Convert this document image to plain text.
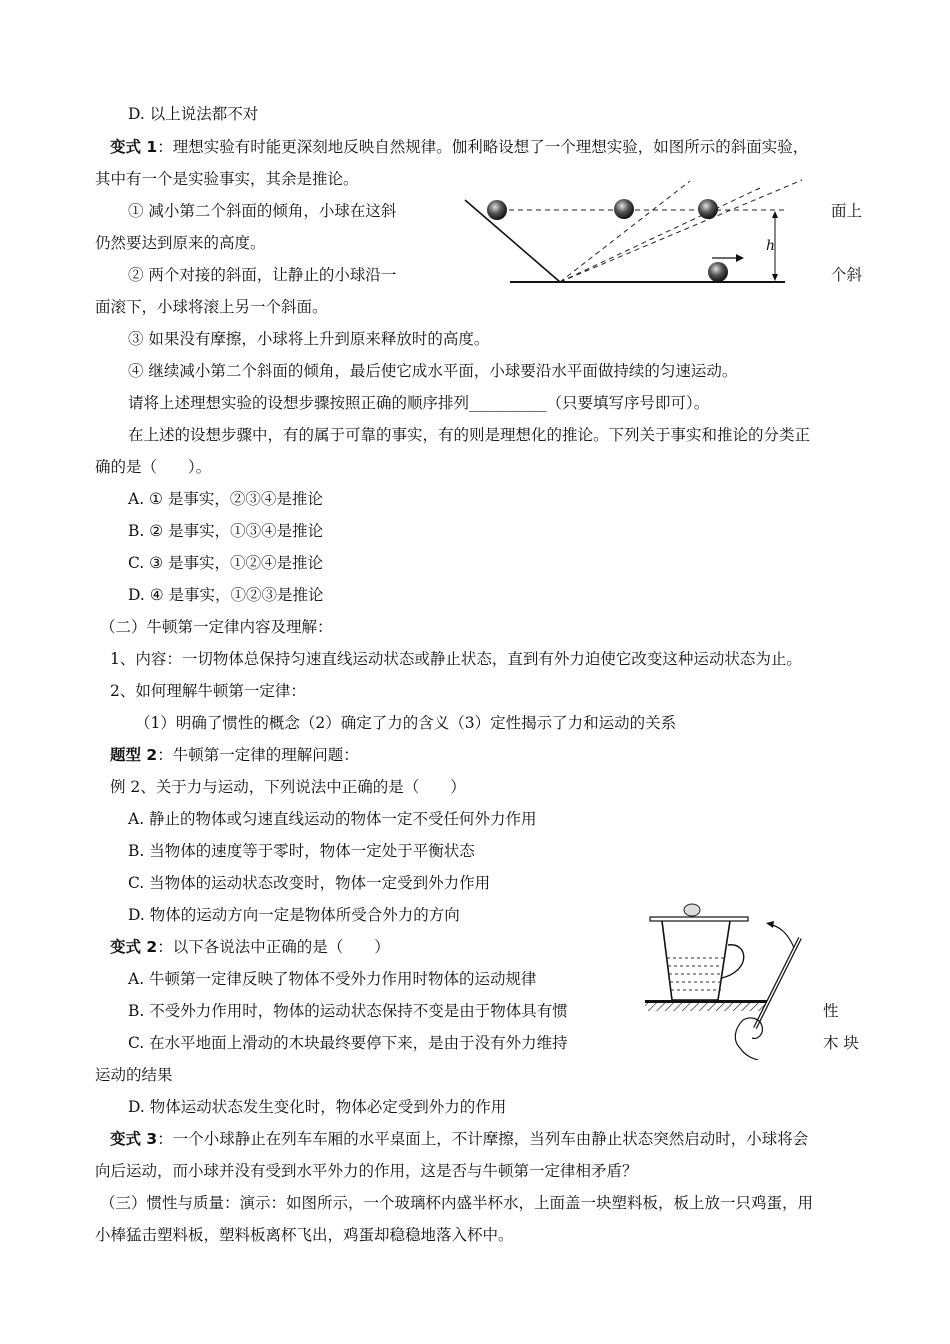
D. 以上说法都不对
变式 1：理想实验有时能更深刻地反映自然规律。伽利略设想了一个理想实验，如图所示的斜面实验，
其中有一个是实验事实，其余是推论。
① 减小第二个斜面的倾角，小球在这斜	面上
仍然要达到原来的高度。
② 两个对接的斜面，让静止的小球沿一	个斜
面滚下，小球将滚上另一个斜面。
③ 如果没有摩擦，小球将上升到原来释放时的高度。
④ 继续减小第二个斜面的倾角，最后使它成水平面，小球要沿水平面做持续的匀速运动。
请将上述理想实验的设想步骤按照正确的顺序排列__________（只要填写序号即可）。
在上述的设想步骤中，有的属于可靠的事实，有的则是理想化的推论。下列关于事实和推论的分类正
确的是（　　）。
A. ① 是事实，②③④是推论
B. ② 是事实，①③④是推论
C. ③ 是事实，①②④是推论
D. ④ 是事实，①②③是推论
（二）牛顿第一定律内容及理解：
1、内容：一切物体总保持匀速直线运动状态或静止状态，直到有外力迫使它改变这种运动状态为止。
2、如何理解牛顿第一定律：
（1）明确了惯性的概念（2）确定了力的含义（3）定性揭示了力和运动的关系
题型 2：牛顿第一定律的理解问题：
例 2、关于力与运动，下列说法中正确的是（　　）
A. 静止的物体或匀速直线运动的物体一定不受任何外力作用
B. 当物体的速度等于零时，物体一定处于平衡状态
C. 当物体的运动状态改变时，物体一定受到外力作用
D. 物体的运动方向一定是物体所受合外力的方向
变式 2：以下各说法中正确的是（　　）
A. 牛顿第一定律反映了物体不受外力作用时物体的运动规律
B. 不受外力作用时，物体的运动状态保持不变是由于物体具有惯	性
C. 在水平地面上滑动的木块最终要停下来，是由于没有外力维持	木 块
运动的结果
D. 物体运动状态发生变化时，物体必定受到外力的作用
变式 3：一个小球静止在列车车厢的水平桌面上，不计摩擦，当列车由静止状态突然启动时，小球将会
向后运动，而小球并没有受到水平外力的作用，这是否与牛顿第一定律相矛盾？
（三）惯性与质量：演示：如图所示，一个玻璃杯内盛半杯水，上面盖一块塑料板，板上放一只鸡蛋，用
小棒猛击塑料板，塑料板离杯飞出，鸡蛋却稳稳地落入杯中。
h
